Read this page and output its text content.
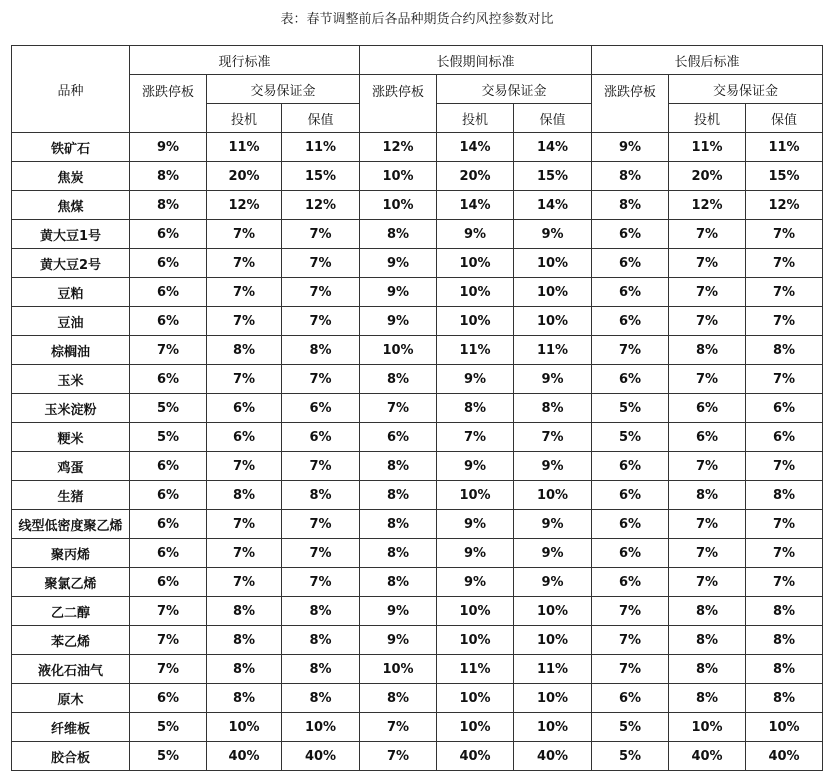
表：春节调整前后各品种期货合约风控参数对比
品种	现行标准			长假期间标准			长假后标准		
	涨跌停板	交易保证金		涨跌停板	交易保证金		涨跌停板	交易保证金	
		投机	保值		投机	保值		投机	保值
铁矿石	9%	11%	11%	12%	14%	14%	9%	11%	11%
焦炭	8%	20%	15%	10%	20%	15%	8%	20%	15%
焦煤	8%	12%	12%	10%	14%	14%	8%	12%	12%
黄大豆1号	6%	7%	7%	8%	9%	9%	6%	7%	7%
黄大豆2号	6%	7%	7%	9%	10%	10%	6%	7%	7%
豆粕	6%	7%	7%	9%	10%	10%	6%	7%	7%
豆油	6%	7%	7%	9%	10%	10%	6%	7%	7%
棕榈油	7%	8%	8%	10%	11%	11%	7%	8%	8%
玉米	6%	7%	7%	8%	9%	9%	6%	7%	7%
玉米淀粉	5%	6%	6%	7%	8%	8%	5%	6%	6%
粳米	5%	6%	6%	6%	7%	7%	5%	6%	6%
鸡蛋	6%	7%	7%	8%	9%	9%	6%	7%	7%
生猪	6%	8%	8%	8%	10%	10%	6%	8%	8%
线型低密度聚乙烯	6%	7%	7%	8%	9%	9%	6%	7%	7%
聚丙烯	6%	7%	7%	8%	9%	9%	6%	7%	7%
聚氯乙烯	6%	7%	7%	8%	9%	9%	6%	7%	7%
乙二醇	7%	8%	8%	9%	10%	10%	7%	8%	8%
苯乙烯	7%	8%	8%	9%	10%	10%	7%	8%	8%
液化石油气	7%	8%	8%	10%	11%	11%	7%	8%	8%
原木	6%	8%	8%	8%	10%	10%	6%	8%	8%
纤维板	5%	10%	10%	7%	10%	10%	5%	10%	10%
胶合板	5%	40%	40%	7%	40%	40%	5%	40%	40%
